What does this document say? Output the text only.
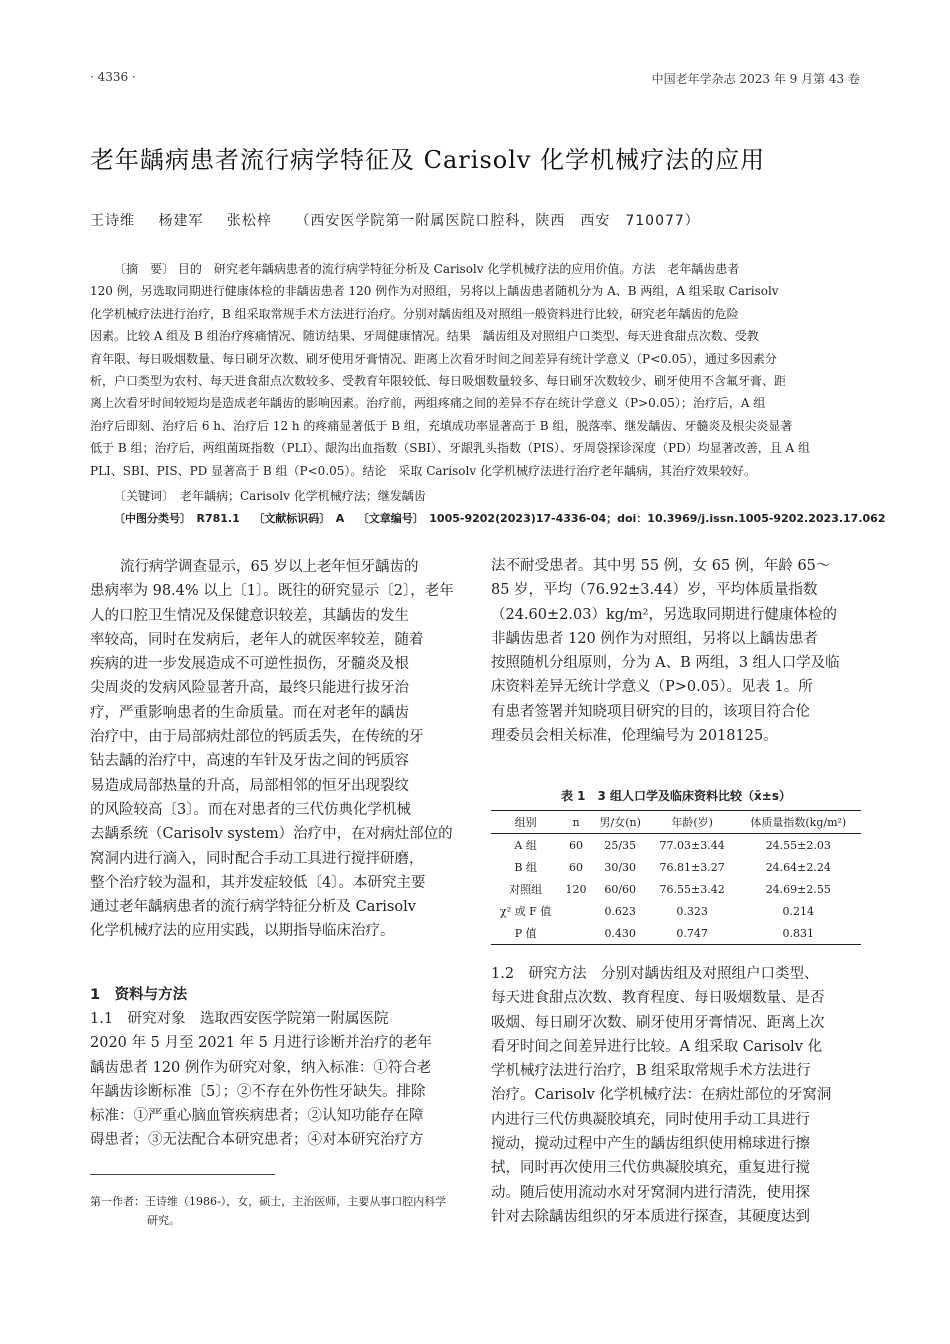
· 4336 ·	中国老年学杂志 2023 年 9 月第 43 卷
老年龋病患者流行病学特征及 Carisolv 化学机械疗法的应用
王诗维 杨建军 张松梓 （西安医学院第一附属医院口腔科，陕西　西安　710077）
〔摘　要〕 目的　研究老年龋病患者的流行病学特征分析及 Carisolv 化学机械疗法的应用价值。方法　老年龋齿患者
120 例，另选取同期进行健康体检的非龋齿患者 120 例作为对照组，另将以上龋齿患者随机分为 A、B 两组，A 组采取 Carisolv
化学机械疗法进行治疗，B 组采取常规手术方法进行治疗。分别对龋齿组及对照组一般资料进行比较，研究老年龋齿的危险
因素。比较 A 组及 B 组治疗疼痛情况、随访结果、牙周健康情况。结果　龋齿组及对照组户口类型、每天进食甜点次数、受教
育年限、每日吸烟数量、每日刷牙次数、刷牙使用牙膏情况、距离上次看牙时间之间差异有统计学意义（P<0.05），通过多因素分
析，户口类型为农村、每天进食甜点次数较多、受教育年限较低、每日吸烟数量较多、每日刷牙次数较少、刷牙使用不含氟牙膏、距
离上次看牙时间较短均是造成老年龋齿的影响因素。治疗前，两组疼痛之间的差异不存在统计学意义（P>0.05）；治疗后，A 组
治疗后即刻、治疗后 6 h、治疗后 12 h 的疼痛显著低于 B 组，充填成功率显著高于 B 组，脱落率、继发龋齿、牙髓炎及根尖炎显著
低于 B 组；治疗后，两组菌斑指数（PLI）、龈沟出血指数（SBI）、牙龈乳头指数（PIS）、牙周袋探诊深度（PD）均显著改善，且 A 组
PLI、SBI、PIS、PD 显著高于 B 组（P<0.05）。结论　采取 Carisolv 化学机械疗法进行治疗老年龋病，其治疗效果较好。
〔关键词〕　老年龋病；Carisolv 化学机械疗法；继发龋齿
〔中图分类号〕　R781.1 〔文献标识码〕　A 〔文章编号〕　1005-9202(2023)17-4336-04；doi：10.3969/j.issn.1005-9202.2023.17.062
流行病学调查显示，65 岁以上老年恒牙龋齿的
患病率为 98.4% 以上〔1〕。既往的研究显示〔2〕，老年
人的口腔卫生情况及保健意识较差，其龋齿的发生
率较高，同时在发病后，老年人的就医率较差，随着
疾病的进一步发展造成不可逆性损伤，牙髓炎及根
尖周炎的发病风险显著升高，最终只能进行拔牙治
疗，严重影响患者的生命质量。而在对老年的龋齿
治疗中，由于局部病灶部位的钙质丢失，在传统的牙
钻去龋的治疗中，高速的车针及牙齿之间的钙质容
易造成局部热量的升高，局部相邻的恒牙出现裂纹
的风险较高〔3〕。而在对患者的三代仿典化学机械
去龋系统（Carisolv system）治疗中，在对病灶部位的
窝洞内进行滴入，同时配合手动工具进行搅拌研磨，
整个治疗较为温和，其并发症较低〔4〕。本研究主要
通过老年龋病患者的流行病学特征分析及 Carisolv
化学机械疗法的应用实践，以期指导临床治疗。
1　资料与方法
1.1　研究对象　选取西安医学院第一附属医院
2020 年 5 月至 2021 年 5 月进行诊断并治疗的老年
龋齿患者 120 例作为研究对象，纳入标准：①符合老
年龋齿诊断标准〔5〕；②不存在外伤性牙缺失。排除
标准：①严重心脑血管疾病患者；②认知功能存在障
碍患者；③无法配合本研究患者；④对本研究治疗方
第一作者：王诗维（1986-），女，硕士，主治医师，主要从事口腔内科学
研究。
法不耐受患者。其中男 55 例，女 65 例，年龄 65～
85 岁，平均（76.92±3.44）岁，平均体质量指数
（24.60±2.03）kg/m²，另选取同期进行健康体检的
非龋齿患者 120 例作为对照组，另将以上龋齿患者
按照随机分组原则，分为 A、B 两组，3 组人口学及临
床资料差异无统计学意义（P>0.05）。见表 1。所
有患者签署并知晓项目研究的目的，该项目符合伦
理委员会相关标准，伦理编号为 2018125。
表 1　3 组人口学及临床资料比较（x̄±s）
组别	n	男/女(n)	年龄(岁)	体质量指数(kg/m²)
A 组	60	25/35	77.03±3.44	24.55±2.03
B 组	60	30/30	76.81±3.27	24.64±2.24
对照组	120	60/60	76.55±3.42	24.69±2.55
χ² 或 F 值		0.623	0.323	0.214
P 值		0.430	0.747	0.831
1.2　研究方法　分别对龋齿组及对照组户口类型、
每天进食甜点次数、教育程度、每日吸烟数量、是否
吸烟、每日刷牙次数、刷牙使用牙膏情况、距离上次
看牙时间之间差异进行比较。A 组采取 Carisolv 化
学机械疗法进行治疗，B 组采取常规手术方法进行
治疗。Carisolv 化学机械疗法：在病灶部位的牙窝洞
内进行三代仿典凝胶填充，同时使用手动工具进行
搅动，搅动过程中产生的龋齿组织使用棉球进行擦
拭，同时再次使用三代仿典凝胶填充，重复进行搅
动。随后使用流动水对牙窝洞内进行清洗，使用探
针对去除龋齿组织的牙本质进行探查，其硬度达到
